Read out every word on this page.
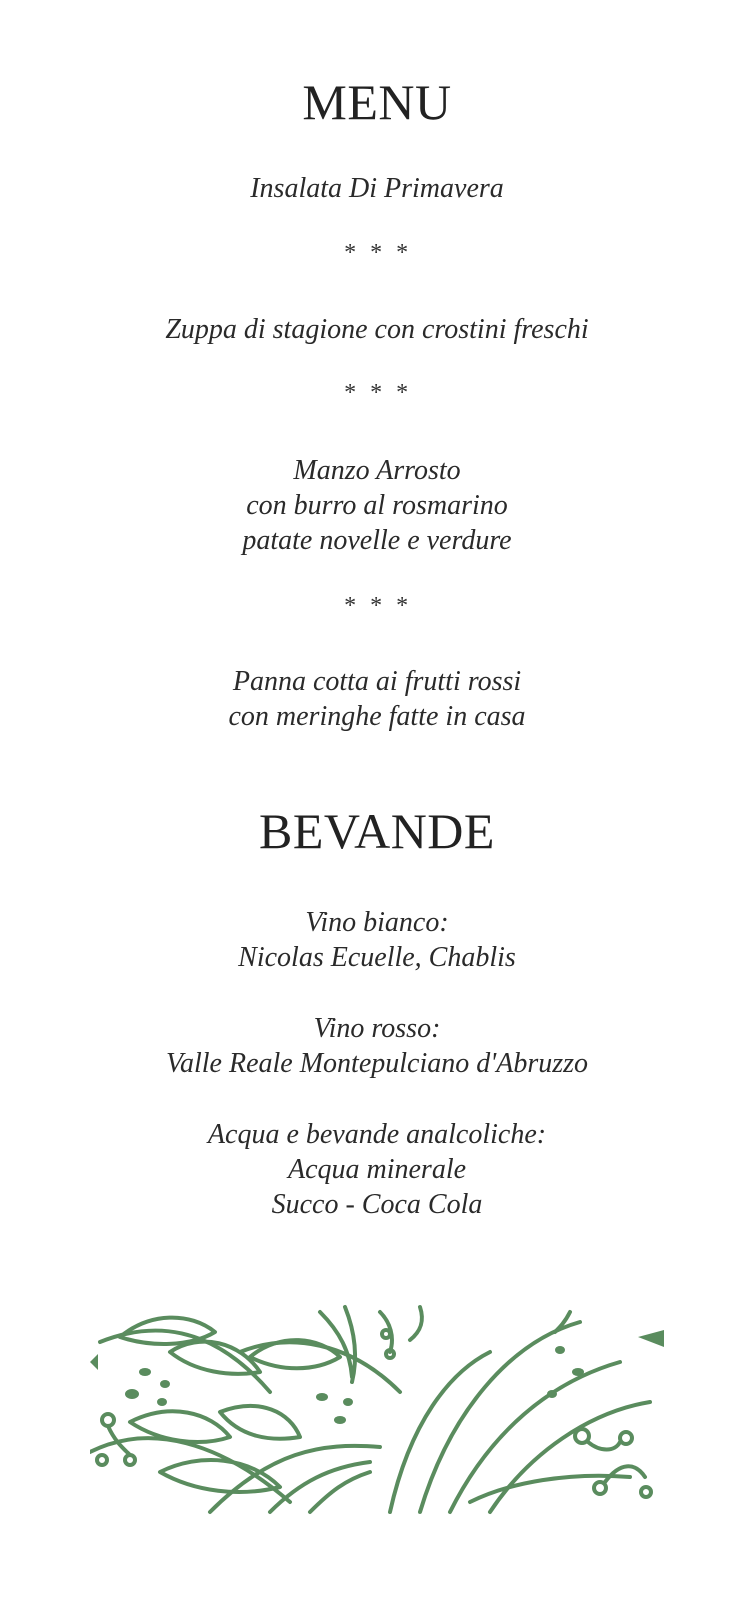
MENU
Insalata Di Primavera
* * *
Zuppa di stagione con crostini freschi
* * *
Manzo Arrosto
con burro al rosmarino
patate novelle e verdure
* * *
Panna cotta ai frutti rossi
con meringhe fatte in casa
BEVANDE
Vino bianco:
Nicolas Ecuelle, Chablis
Vino rosso:
Valle Reale Montepulciano d'Abruzzo
Acqua e bevande analcoliche:
Acqua minerale
Succo - Coca Cola
